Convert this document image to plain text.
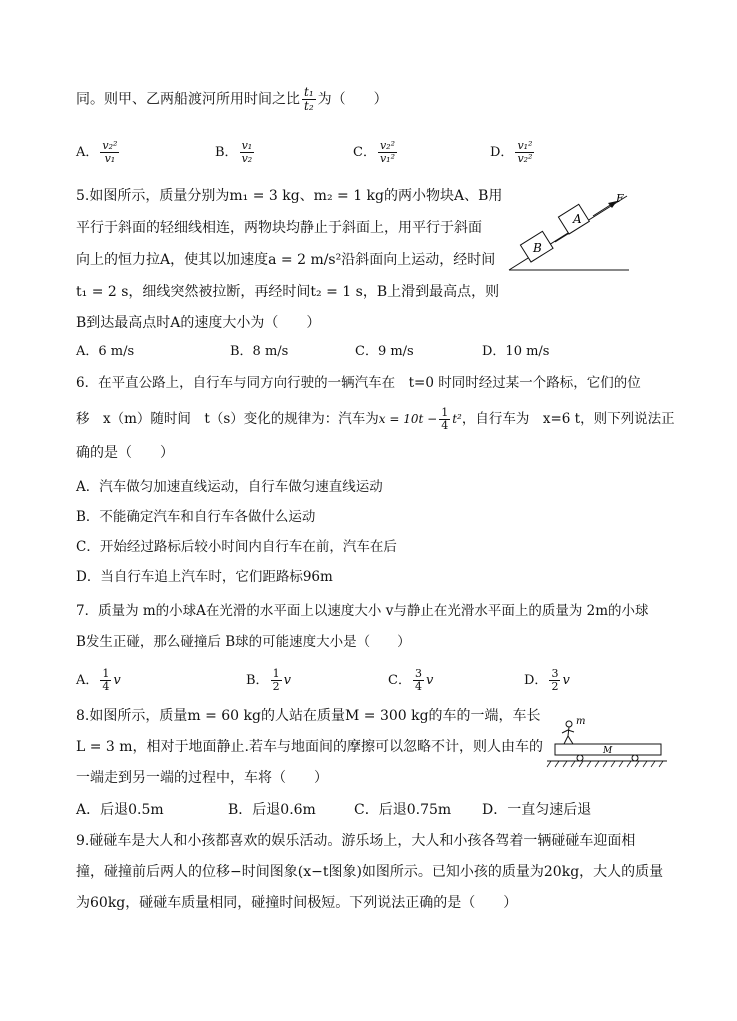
同。则甲、乙两船渡河所用时间之比 $\frac{\text{t₁}}{\text{t₂}}$ 为（　　）
A． $\frac{\text{v₂²}}{\text{v₁}}$	B． $\frac{\text{v₁}}{\text{v₂}}$	C． $\frac{\text{v₂²}}{\text{v₁²}}$	D． $\frac{\text{v₁²}}{\text{v₂²}}$
5.如图所示，质量分别为m₁ = 3 kg、m₂ = 1 kg的两小物块A、B用
平行于斜面的轻细线相连，两物块均静止于斜面上，用平行于斜面
向上的恒力拉A，使其以加速度a = 2 m/s²沿斜面向上运动，经时间
t₁ = 2 s，细线突然被拉断，再经时间t₂ = 1 s，B上滑到最高点，则
B到达最高点时A的速度大小为（　　）
B
A
F
A．6 m/s	B．8 m/s	C．9 m/s	D．10 m/s
6．在平直公路上，自行车与同方向行驶的一辆汽车在　t=0 时同时经过某一个路标，它们的位
移　x（m）随时间　t（s）变化的规律为：汽车为$x = 10t - \frac{1}{4} t^2$，自行车为　x=6 t，则下列说法正
确的是（　　）
A．汽车做匀加速直线运动，自行车做匀速直线运动
B．不能确定汽车和自行车各做什么运动
C．开始经过路标后较小时间内自行车在前，汽车在后
D．当自行车追上汽车时，它们距路标96m
7．质量为 m的小球A在光滑的水平面上以速度大小 v与静止在光滑水平面上的质量为 2m的小球
B发生正碰，那么碰撞后 B球的可能速度大小是（　　）
A． $\frac{1}{4}$ v	B． $\frac{1}{2}$ v	C． $\frac{3}{4}$ v	D． $\frac{3}{2}$ v
8.如图所示，质量m = 60 kg的人站在质量M = 300 kg的车的一端，车长
L = 3 m，相对于地面静止.若车与地面间的摩擦可以忽略不计，则人由车的
一端走到另一端的过程中，车将（　　）
m
M
A．后退0.5m	B．后退0.6m	C．后退0.75m D．一直匀速后退
9.碰碰车是大人和小孩都喜欢的娱乐活动。游乐场上，大人和小孩各驾着一辆碰碰车迎面相
撞，碰撞前后两人的位移−时间图象(x−t图象)如图所示。已知小孩的质量为20kg，大人的质量
为60kg，碰碰车质量相同，碰撞时间极短。下列说法正确的是（　　）
